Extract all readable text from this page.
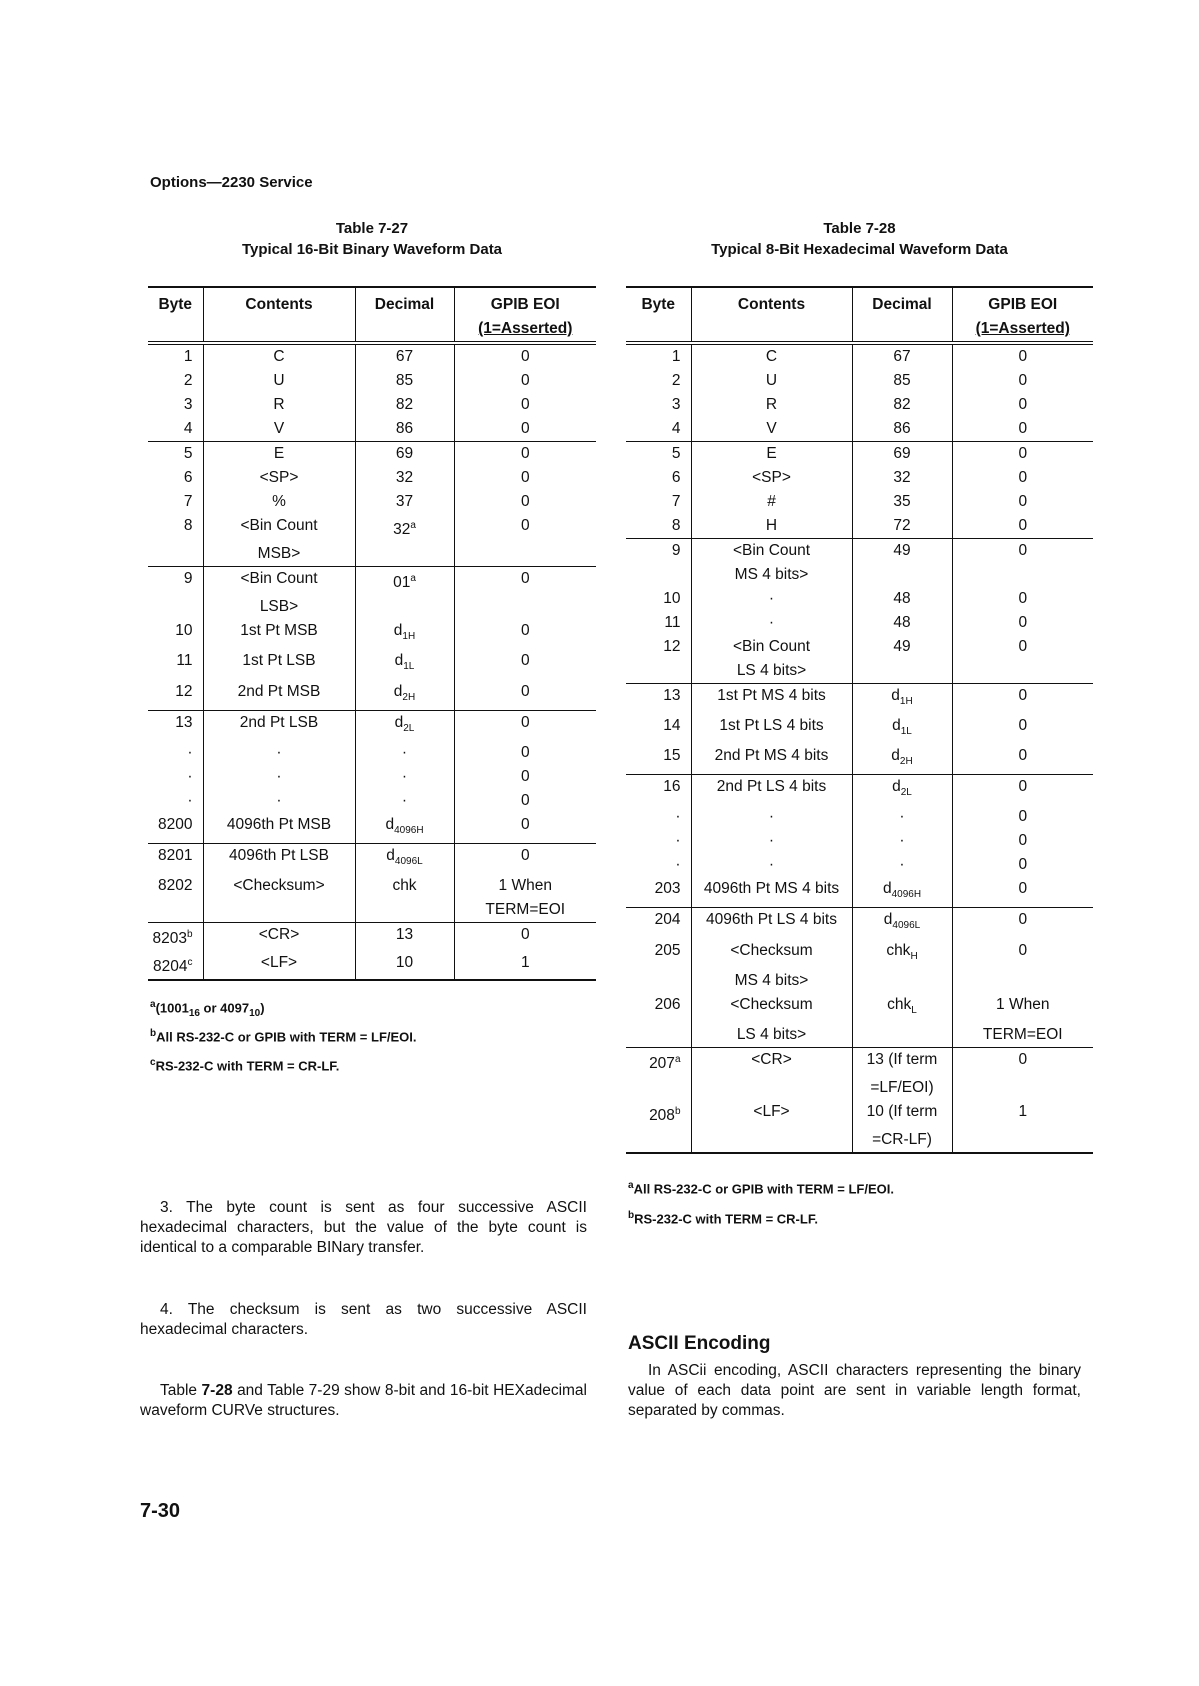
Options—2230 Service
Table 7-27
Typical 16-Bit Binary Waveform Data
Byte	Contents	Decimal	GPIB EOI
(1=Asserted)
1	C	67	0
2	U	85	0
3	R	82	0
4	V	86	0
5	E	69	0
6	<SP>	32	0
7	%	37	0
8	<Bin Count	32$^a$	0
	MSB>		
9	<Bin Count	01$^a$	0
	LSB>		
10	1st Pt MSB	$d_{1H}$	0
11	1st Pt LSB	$d_{1L}$	0
12	2nd Pt MSB	$d_{2H}$	0
13	2nd Pt LSB	$d_{2L}$	0
·	·	·	0
·	·	·	0
·	·	·	0
8200	4096th Pt MSB	$d_{4096H}$	0
8201	4096th Pt LSB	$d_{4096L}$	0
8202	<Checksum>	chk	1 When
			TERM=EOI
$8203^b$	<CR>	13	0
$8204^c$	<LF>	10	1
$^a(1001_{16}$ or $4097_{10}$)
$^b$All RS-232-C or GPIB with TERM = LF/EOI.
$^c$RS-232-C with TERM = CR-LF.
Table 7-28
Typical 8-Bit Hexadecimal Waveform Data
Byte	Contents	Decimal	GPIB EOI
(1=Asserted)
1	C	67	0
2	U	85	0
3	R	82	0
4	V	86	0
5	E	69	0
6	<SP>	32	0
7	#	35	0
8	H	72	0
9	<Bin Count	49	0
	MS 4 bits>		
10	·	48	0
11	·	48	0
12	<Bin Count	49	0
	LS 4 bits>		
13	1st Pt MS 4 bits	$d_{1H}$	0
14	1st Pt LS 4 bits	$d_{1L}$	0
15	2nd Pt MS 4 bits	$d_{2H}$	0
16	2nd Pt LS 4 bits	$d_{2L}$	0
·	·	·	0
·	·	·	0
·	·	·	0
203	4096th Pt MS 4 bits	$d_{4096H}$	0
204	4096th Pt LS 4 bits	$d_{4096L}$	0
205	<Checksum	chk$_H$	0
	MS 4 bits>		
206	<Checksum	chk$_L$	1 When
	LS 4 bits>		TERM=EOI
$207^a$	<CR>	13 (If term	0
		=LF/EOI)	
$208^b$	<LF>	10 (If term	1
		=CR-LF)	
$^a$All RS-232-C or GPIB with TERM = LF/EOI.
$^b$RS-232-C with TERM = CR-LF.
3. The byte count is sent as four successive ASCII hexadecimal characters, but the value of the byte count is identical to a comparable BINary transfer.
4. The checksum is sent as two successive ASCII hexadecimal characters.
Table 7-28 and Table 7-29 show 8-bit and 16-bit HEXadecimal waveform CURVe structures.
ASCII Encoding
In ASCii encoding, ASCII characters representing the binary value of each data point are sent in variable length format, separated by commas.
7-30
